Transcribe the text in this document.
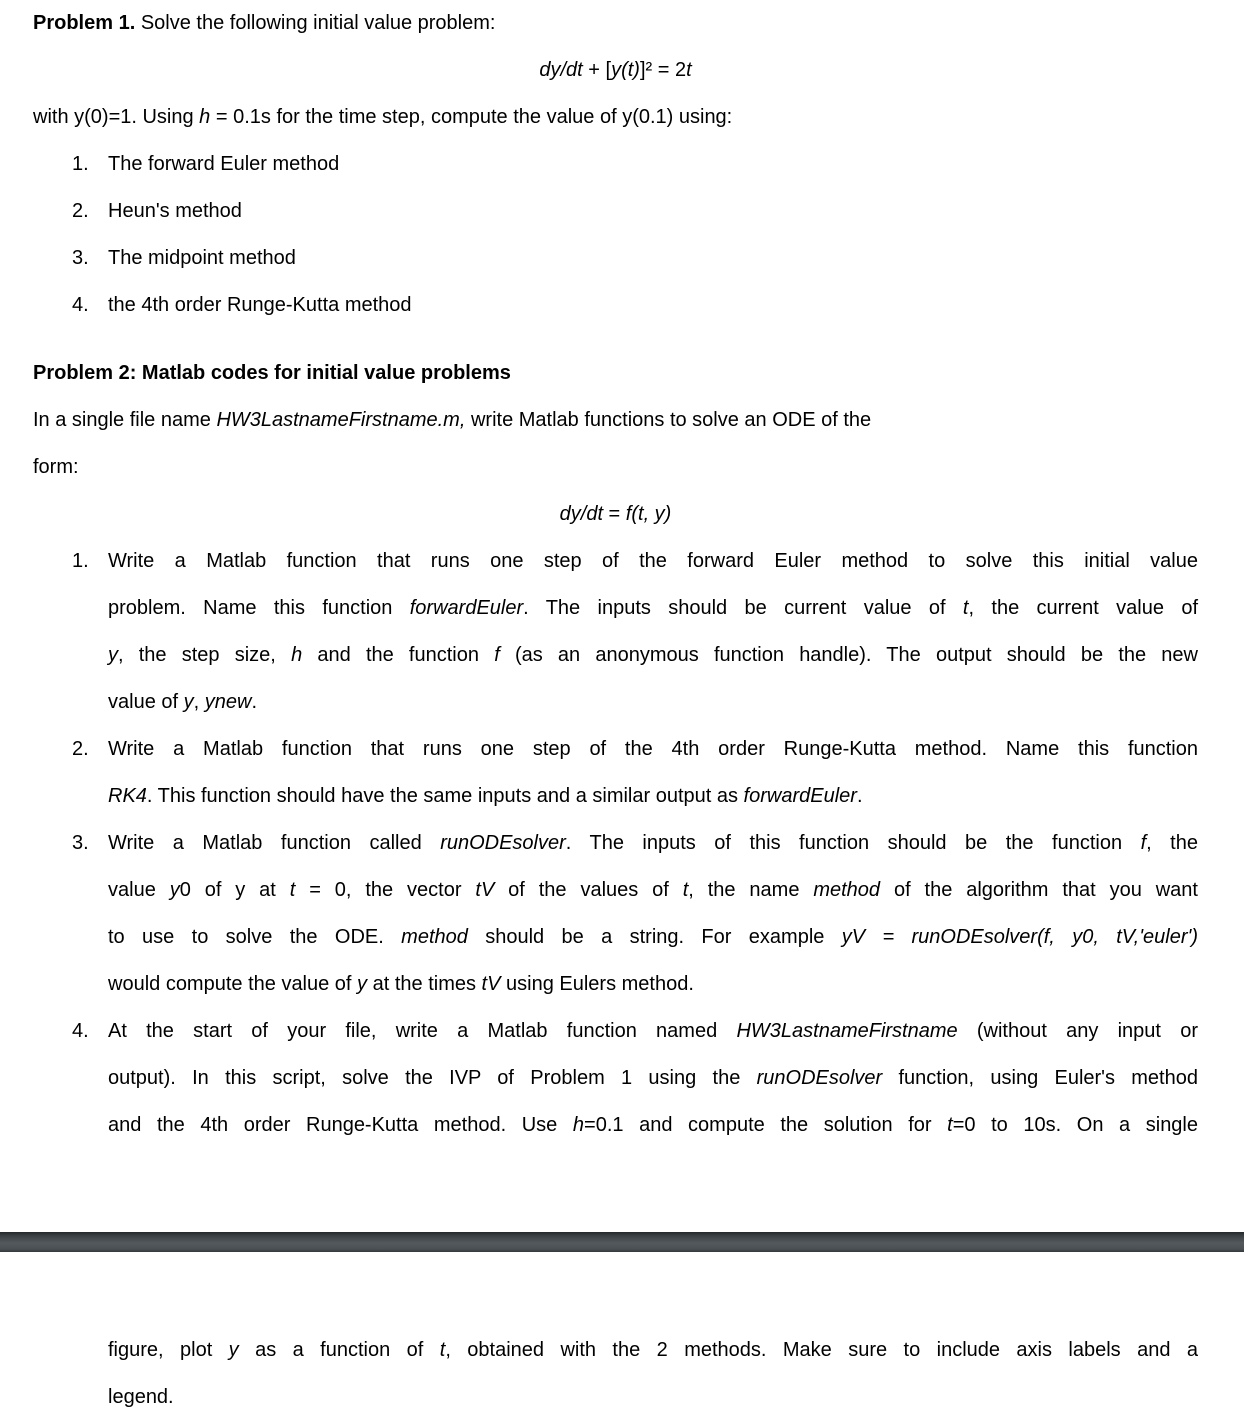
Problem 1. Solve the following initial value problem:
dy/dt + [y(t)]² = 2t
with y(0)=1. Using h = 0.1s for the time step, compute the value of y(0.1) using:
1. The forward Euler method
2. Heun's method
3. The midpoint method
4. the 4th order Runge-Kutta method
Problem 2: Matlab codes for initial value problems
In a single file name HW3LastnameFirstname.m, write Matlab functions to solve an ODE of the
form:
dy/dt = f(t, y)
1. Write a Matlab function that runs one step of the forward Euler method to solve this initial value
problem. Name this function forwardEuler. The inputs should be current value of t, the current value of
y, the step size, h and the function f (as an anonymous function handle). The output should be the new
value of y, ynew.
2. Write a Matlab function that runs one step of the 4th order Runge-Kutta method. Name this function
RK4. This function should have the same inputs and a similar output as forwardEuler.
3. Write a Matlab function called runODEsolver. The inputs of this function should be the function f, the
value y0 of y at t = 0, the vector tV of the values of t, the name method of the algorithm that you want
to use to solve the ODE. method should be a string. For example yV = runODEsolver(f, y0, tV,'euler')
would compute the value of y at the times tV using Eulers method.
4. At the start of your file, write a Matlab function named HW3LastnameFirstname (without any input or
output). In this script, solve the IVP of Problem 1 using the runODEsolver function, using Euler's method
and the 4th order Runge-Kutta method. Use h=0.1 and compute the solution for t=0 to 10s. On a single
figure, plot y as a function of t, obtained with the 2 methods. Make sure to include axis labels and a
legend.
